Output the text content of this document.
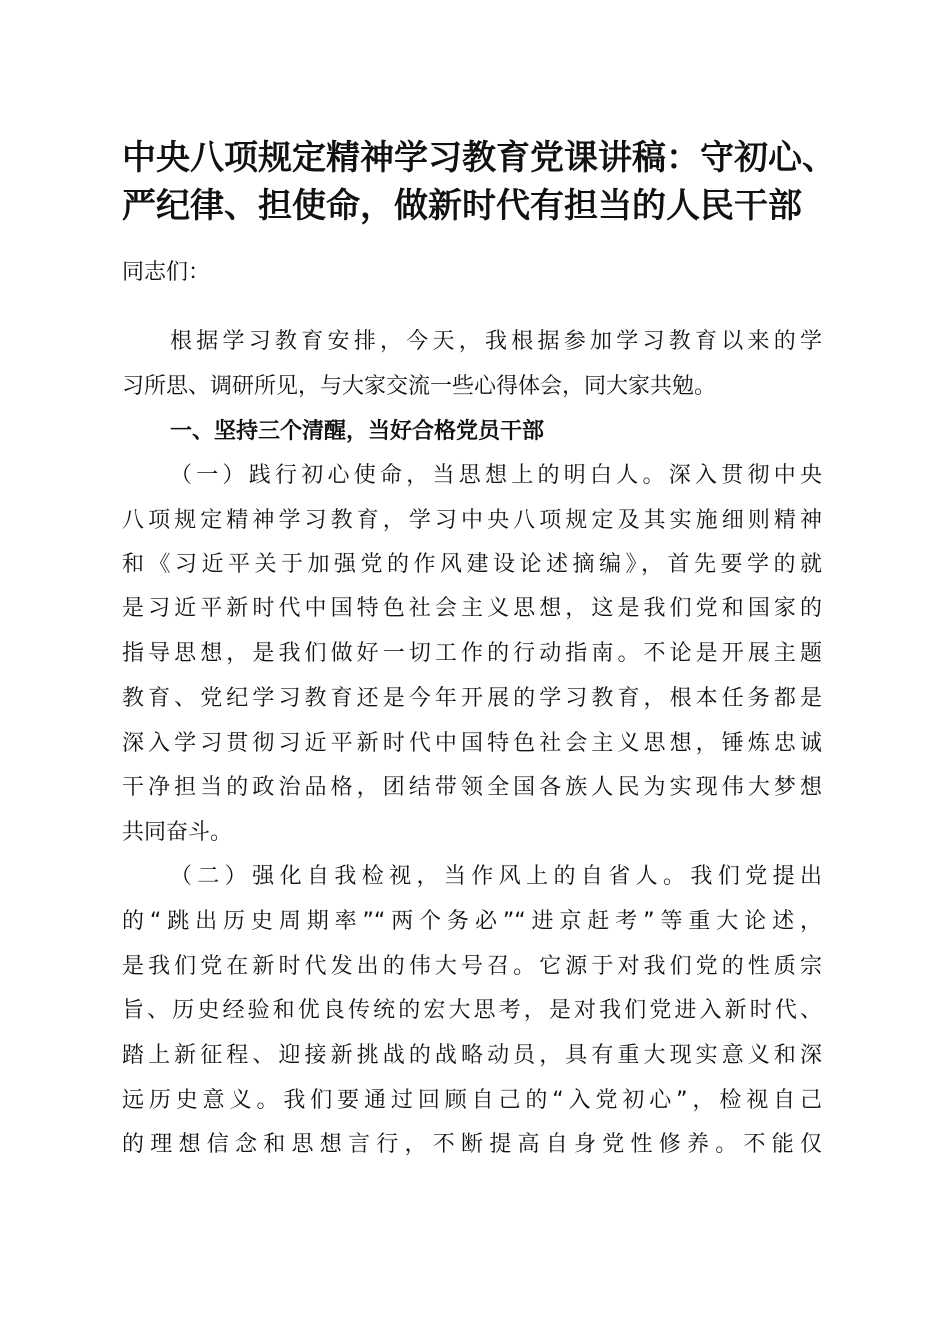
中央八项规定精神学习教育党课讲稿：守初心、
严纪律、担使命，做新时代有担当的人民干部

同志们：

根据学习教育安排，今天，我根据参加学习教育以来的学

习所思、调研所见，与大家交流一些心得体会，同大家共勉。

一、坚持三个清醒，当好合格党员干部

（一）践行初心使命，当思想上的明白人。深入贯彻中央

八项规定精神学习教育，学习中央八项规定及其实施细则精神

和《习近平关于加强党的作风建设论述摘编》，首先要学的就

是习近平新时代中国特色社会主义思想，这是我们党和国家的

指导思想，是我们做好一切工作的行动指南。不论是开展主题

教育、党纪学习教育还是今年开展的学习教育，根本任务都是

深入学习贯彻习近平新时代中国特色社会主义思想，锤炼忠诚

干净担当的政治品格，团结带领全国各族人民为实现伟大梦想

共同奋斗。

（二）强化自我检视，当作风上的自省人。我们党提出

的“跳出历史周期率”“两个务必”“进京赶考”等重大论述，

是我们党在新时代发出的伟大号召。它源于对我们党的性质宗

旨、历史经验和优良传统的宏大思考，是对我们党进入新时代、

踏上新征程、迎接新挑战的战略动员，具有重大现实意义和深

远历史意义。我们要通过回顾自己的“入党初心”，检视自己

的理想信念和思想言行，不断提高自身党性修养。不能仅
